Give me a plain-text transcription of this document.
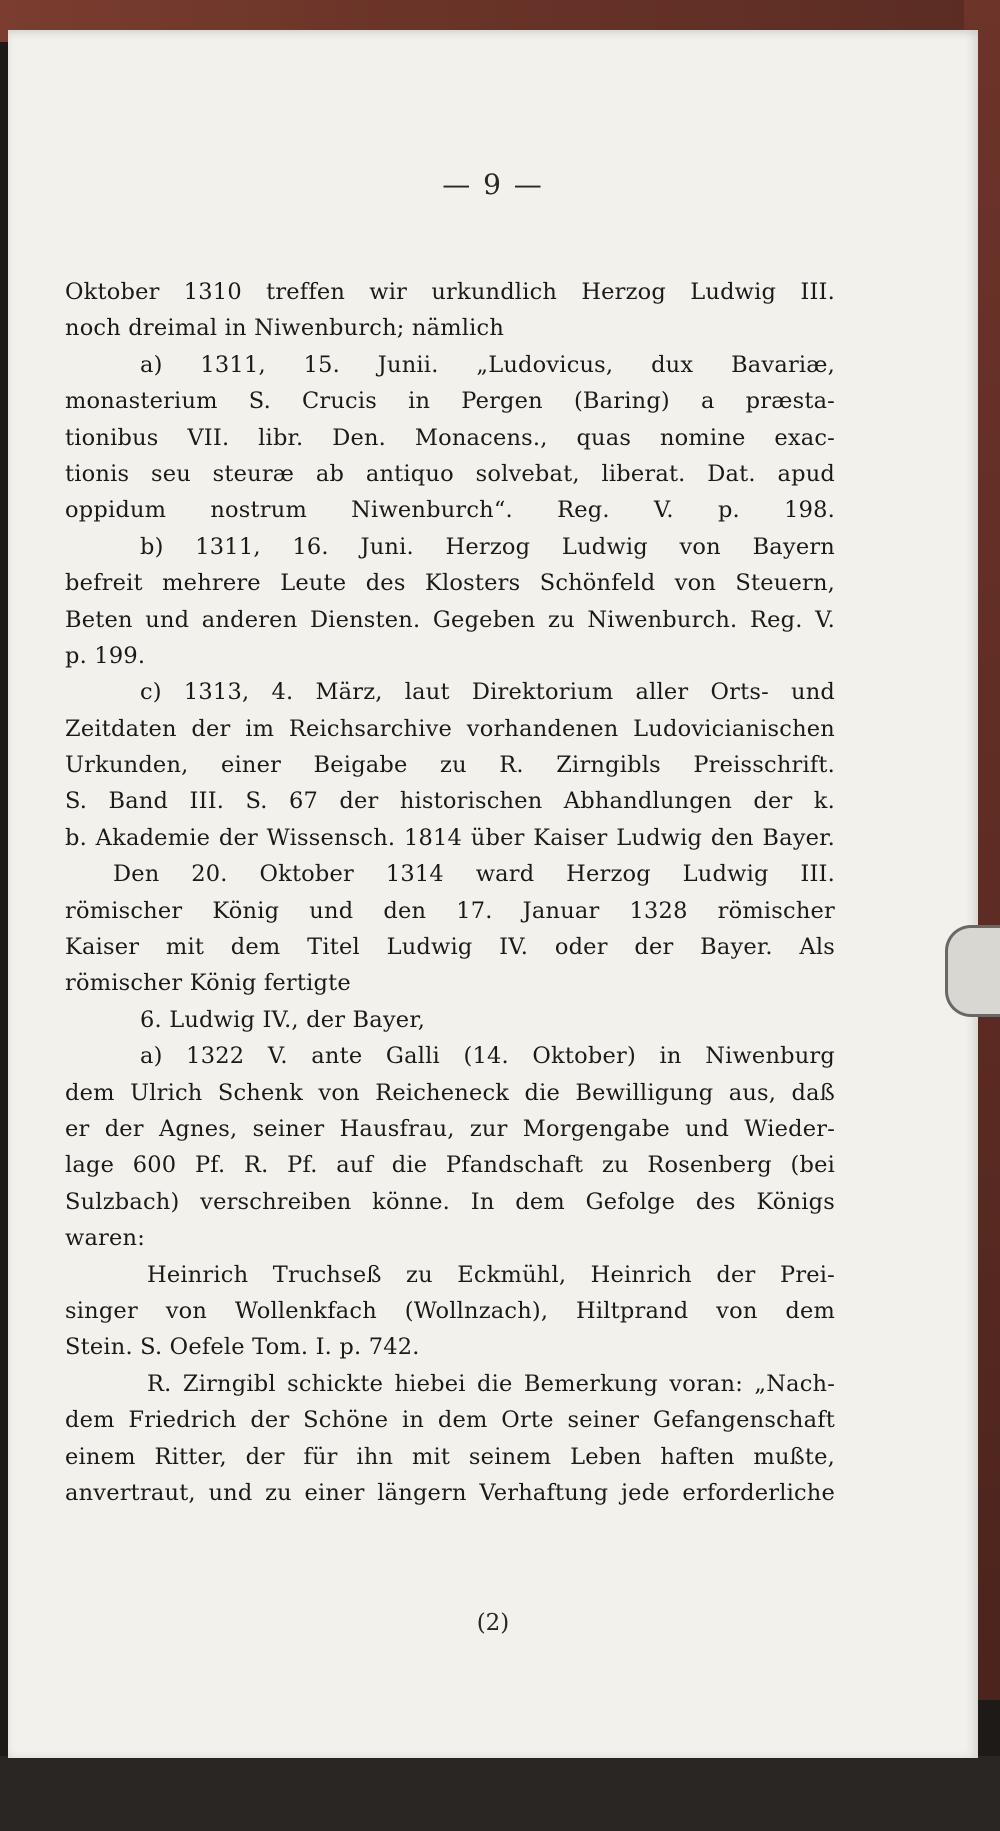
— 9 —
Oktober 1310 treffen wir urkundlich Herzog Ludwig III.
noch dreimal in Niwenburch; nämlich
a) 1311, 15. Junii. „Ludovicus, dux Bavariæ,
monasterium S. Crucis in Pergen (Baring) a præsta-
tionibus VII. libr. Den. Monacens., quas nomine exac-
tionis seu steuræ ab antiquo solvebat, liberat. Dat. apud
oppidum nostrum Niwenburch“. Reg. V. p. 198.
b) 1311, 16. Juni. Herzog Ludwig von Bayern
befreit mehrere Leute des Klosters Schönfeld von Steuern,
Beten und anderen Diensten. Gegeben zu Niwenburch. Reg. V.
p. 199.
c) 1313, 4. März, laut Direktorium aller Orts- und
Zeitdaten der im Reichsarchive vorhandenen Ludovicianischen
Urkunden, einer Beigabe zu R. Zirngibls Preisschrift.
S. Band III. S. 67 der historischen Abhandlungen der k.
b. Akademie der Wissensch. 1814 über Kaiser Ludwig den Bayer.
Den 20. Oktober 1314 ward Herzog Ludwig III.
römischer König und den 17. Januar 1328 römischer
Kaiser mit dem Titel Ludwig IV. oder der Bayer. Als
römischer König fertigte
6. Ludwig IV., der Bayer,
a) 1322 V. ante Galli (14. Oktober) in Niwenburg
dem Ulrich Schenk von Reicheneck die Bewilligung aus, daß
er der Agnes, seiner Hausfrau, zur Morgengabe und Wieder-
lage 600 Pf. R. Pf. auf die Pfandschaft zu Rosenberg (bei
Sulzbach) verschreiben könne. In dem Gefolge des Königs
waren:
Heinrich Truchseß zu Eckmühl, Heinrich der Prei-
singer von Wollenkfach (Wollnzach), Hiltprand von dem
Stein. S. Oefele Tom. I. p. 742.
R. Zirngibl schickte hiebei die Bemerkung voran: „Nach-
dem Friedrich der Schöne in dem Orte seiner Gefangenschaft
einem Ritter, der für ihn mit seinem Leben haften mußte,
anvertraut, und zu einer längern Verhaftung jede erforderliche
(2)
